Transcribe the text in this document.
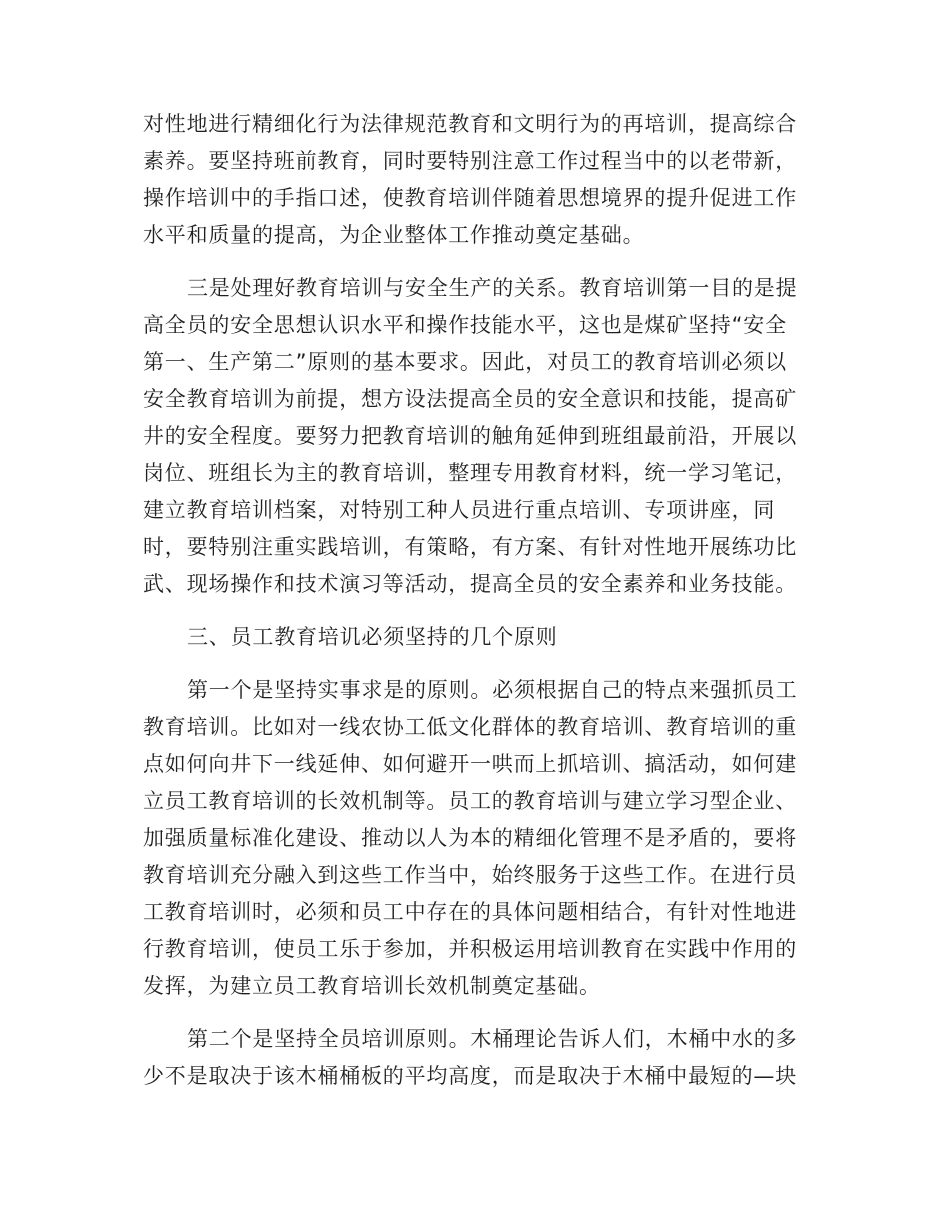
对性地进行精细化行为法律规范教育和文明行为的再培训，提高综合
素养。要坚持班前教育，同时要特别注意工作过程当中的以老带新，
操作培训中的手指口述，使教育培训伴随着思想境界的提升促进工作
水平和质量的提高，为企业整体工作推动奠定基础。
三是处理好教育培训与安全生产的关系。教育培训第一目的是提
高全员的安全思想认识水平和操作技能水平，这也是煤矿坚持“安全
第一、生产第二”原则的基本要求。因此，对员工的教育培训必须以
安全教育培训为前提，想方设法提高全员的安全意识和技能，提高矿
井的安全程度。要努力把教育培训的触角延伸到班组最前沿，开展以
岗位、班组长为主的教育培训，整理专用教育材料，统一学习笔记，
建立教育培训档案，对特别工种人员进行重点培训、专项讲座，同
时，要特别注重实践培训，有策略，有方案、有针对性地开展练功比
武、现场操作和技术演习等活动，提高全员的安全素养和业务技能。
三、员工教育培讥必须坚持的几个原则
第一个是坚持实事求是的原则。必须根据自己的特点来强抓员工
教育培训。比如对一线农协工低文化群体的教育培训、教育培训的重
点如何向井下一线延伸、如何避开一哄而上抓培训、搞活动，如何建
立员工教育培训的长效机制等。员工的教育培训与建立学习型企业、
加强质量标准化建设、推动以人为本的精细化管理不是矛盾的，要将
教育培训充分融入到这些工作当中，始终服务于这些工作。在进行员
工教育培训时，必须和员工中存在的具体问题相结合，有针对性地进
行教育培训，使员工乐于参加，并积极运用培训教育在实践中作用的
发挥，为建立员工教育培训长效机制奠定基础。
第二个是坚持全员培训原则。木桶理论告诉人们，木桶中水的多
少不是取决于该木桶桶板的平均高度，而是取决于木桶中最短的—块
